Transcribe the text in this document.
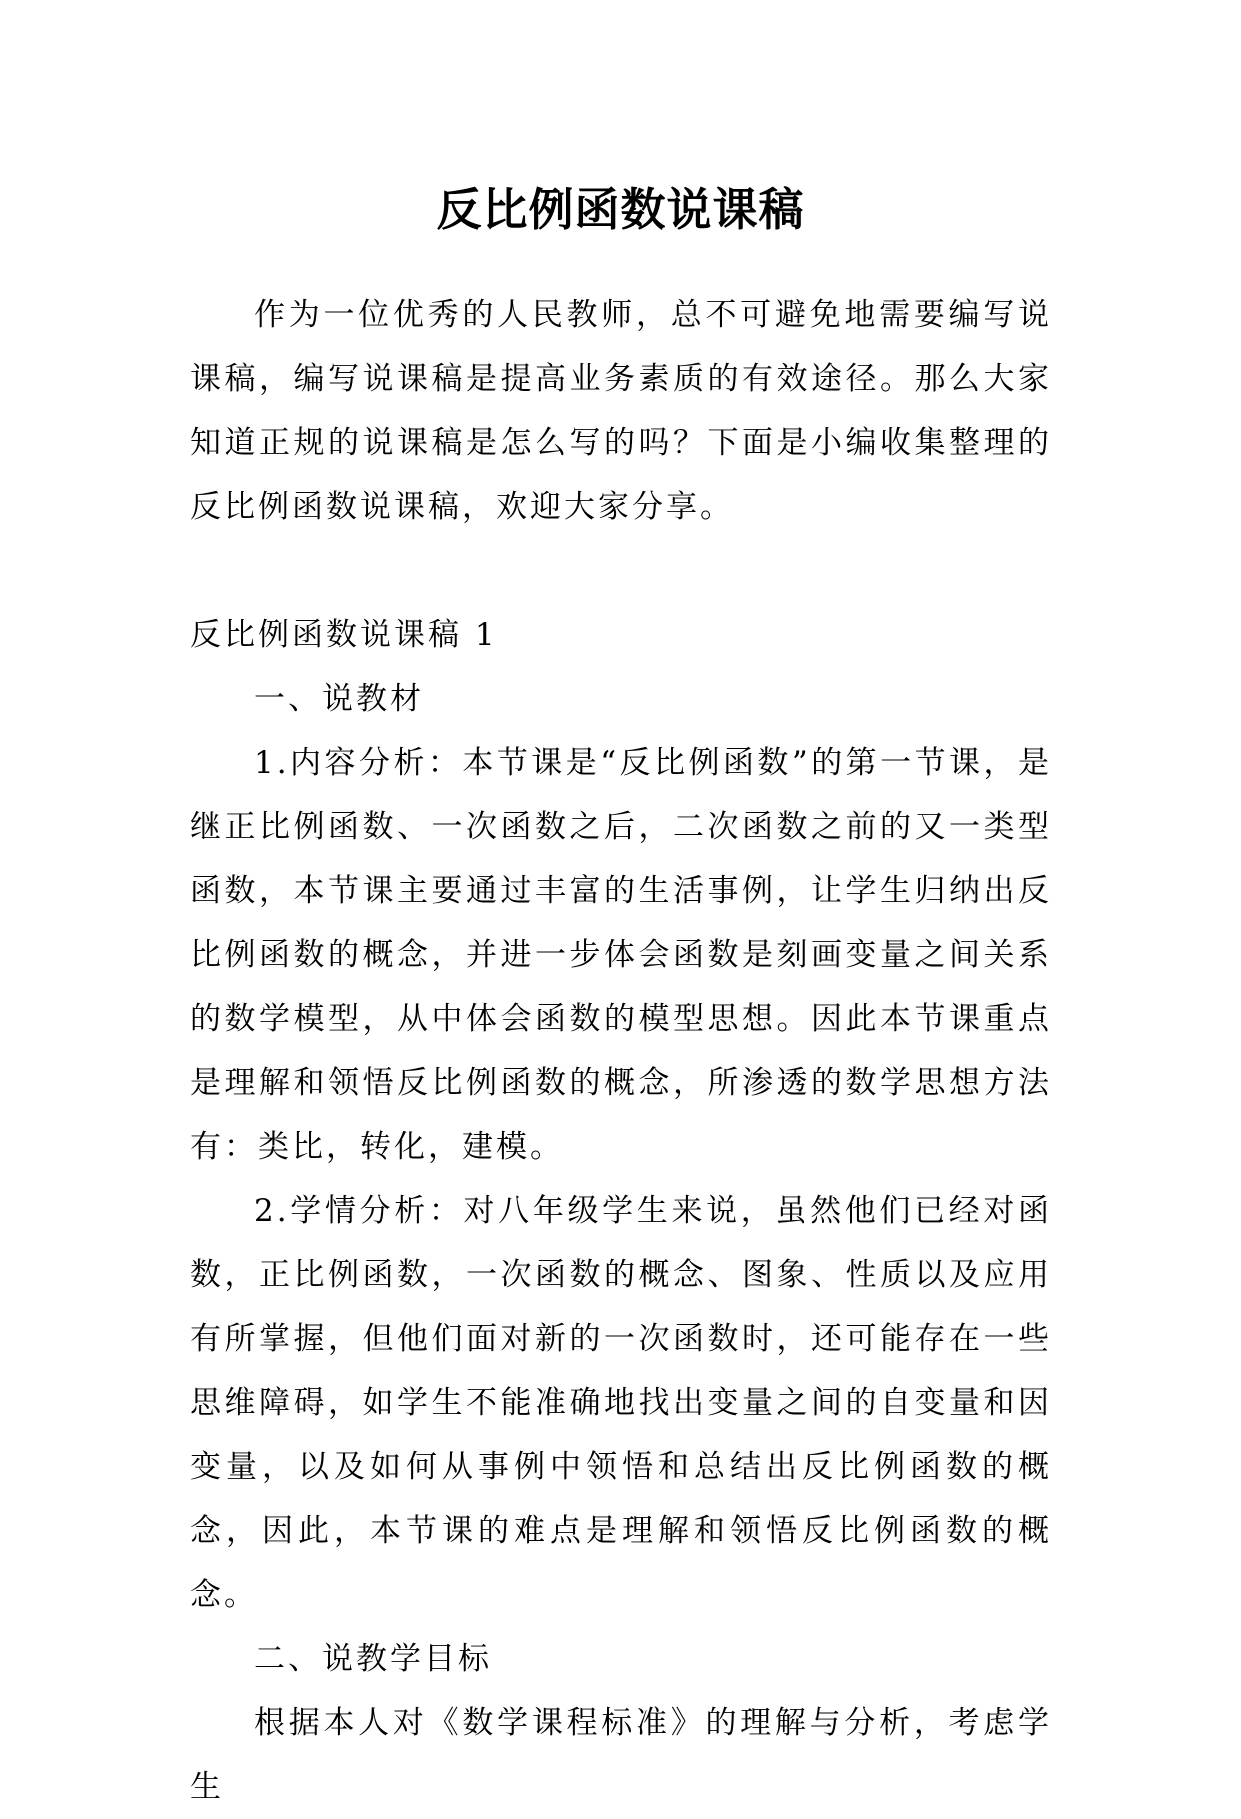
反比例函数说课稿

作为一位优秀的人民教师，总不可避免地需要编写说课稿，编写说课稿是提高业务素质的有效途径。那么大家知道正规的说课稿是怎么写的吗？下面是小编收集整理的反比例函数说课稿，欢迎大家分享。

反比例函数说课稿 1

一、说教材

1.内容分析：本节课是“反比例函数”的第一节课，是继正比例函数、一次函数之后，二次函数之前的又一类型函数，本节课主要通过丰富的生活事例，让学生归纳出反比例函数的概念，并进一步体会函数是刻画变量之间关系的数学模型，从中体会函数的模型思想。因此本节课重点是理解和领悟反比例函数的概念，所渗透的数学思想方法有：类比，转化，建模。

2.学情分析：对八年级学生来说，虽然他们已经对函数，正比例函数，一次函数的概念、图象、性质以及应用有所掌握，但他们面对新的一次函数时，还可能存在一些思维障碍，如学生不能准确地找出变量之间的自变量和因变量，以及如何从事例中领悟和总结出反比例函数的概念，因此，本节课的难点是理解和领悟反比例函数的概念。

二、说教学目标

根据本人对《数学课程标准》的理解与分析，考虑学生
